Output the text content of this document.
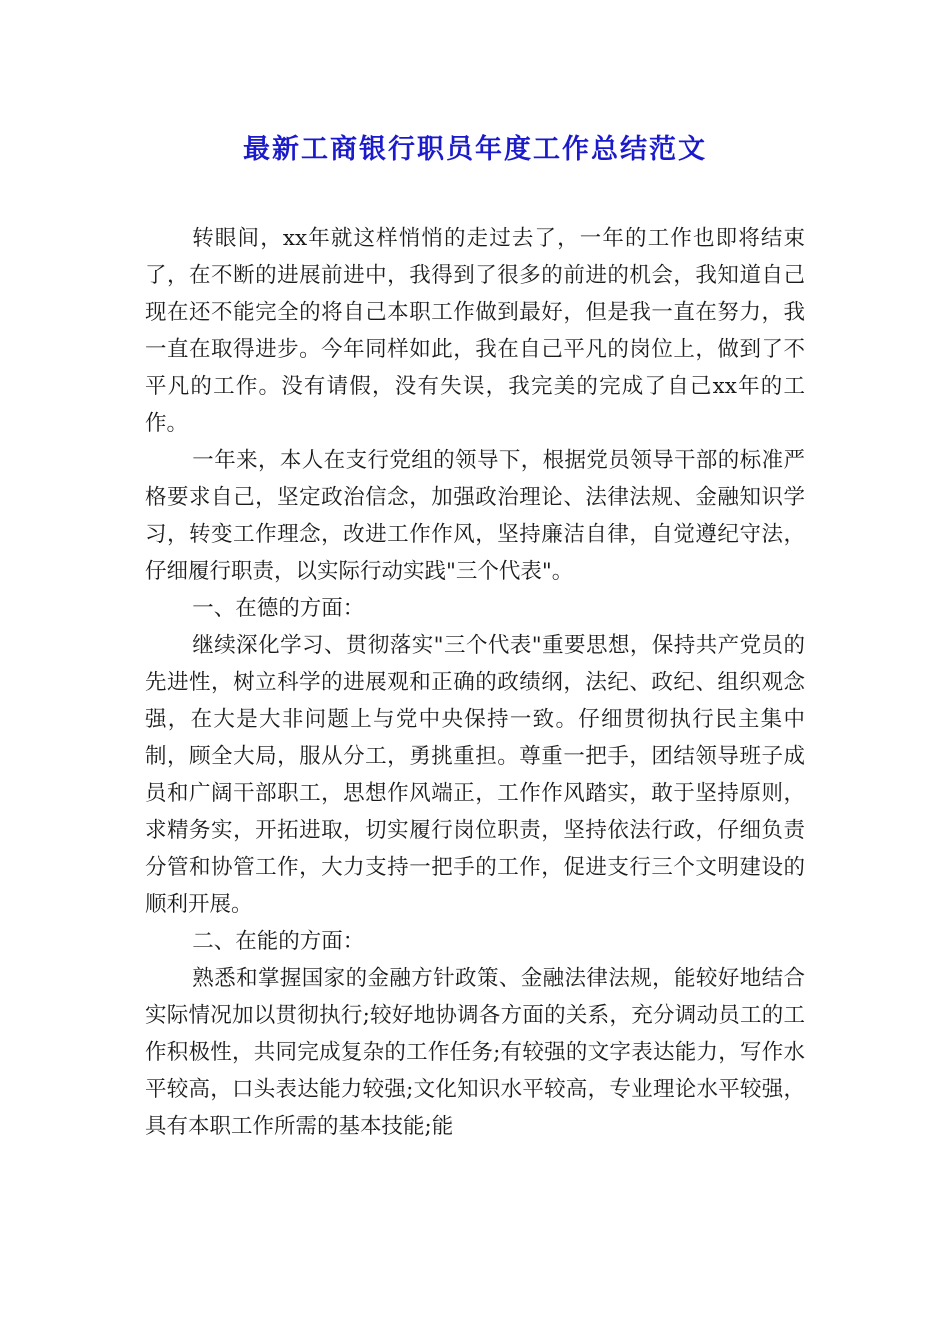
最新工商银行职员年度工作总结范文

转眼间，xx年就这样悄悄的走过去了，一年的工作也即将结束了，在不断的进展前进中，我得到了很多的前进的机会，我知道自己现在还不能完全的将自己本职工作做到最好，但是我一直在努力，我一直在取得进步。今年同样如此，我在自己平凡的岗位上，做到了不平凡的工作。没有请假，没有失误，我完美的完成了自己xx年的工作。

一年来，本人在支行党组的领导下，根据党员领导干部的标准严格要求自己，坚定政治信念，加强政治理论、法律法规、金融知识学习，转变工作理念，改进工作作风，坚持廉洁自律，自觉遵纪守法，仔细履行职责，以实际行动实践"三个代表"。

一、在德的方面：

继续深化学习、贯彻落实"三个代表"重要思想，保持共产党员的先进性，树立科学的进展观和正确的政绩纲，法纪、政纪、组织观念强，在大是大非问题上与党中央保持一致。仔细贯彻执行民主集中制，顾全大局，服从分工，勇挑重担。尊重一把手，团结领导班子成员和广阔干部职工，思想作风端正，工作作风踏实，敢于坚持原则，求精务实，开拓进取，切实履行岗位职责，坚持依法行政，仔细负责分管和协管工作，大力支持一把手的工作，促进支行三个文明建设的顺利开展。

二、在能的方面：

熟悉和掌握国家的金融方针政策、金融法律法规，能较好地结合实际情况加以贯彻执行;较好地协调各方面的关系，充分调动员工的工作积极性，共同完成复杂的工作任务;有较强的文字表达能力，写作水平较高，口头表达能力较强;文化知识水平较高，专业理论水平较强，具有本职工作所需的基本技能;能
